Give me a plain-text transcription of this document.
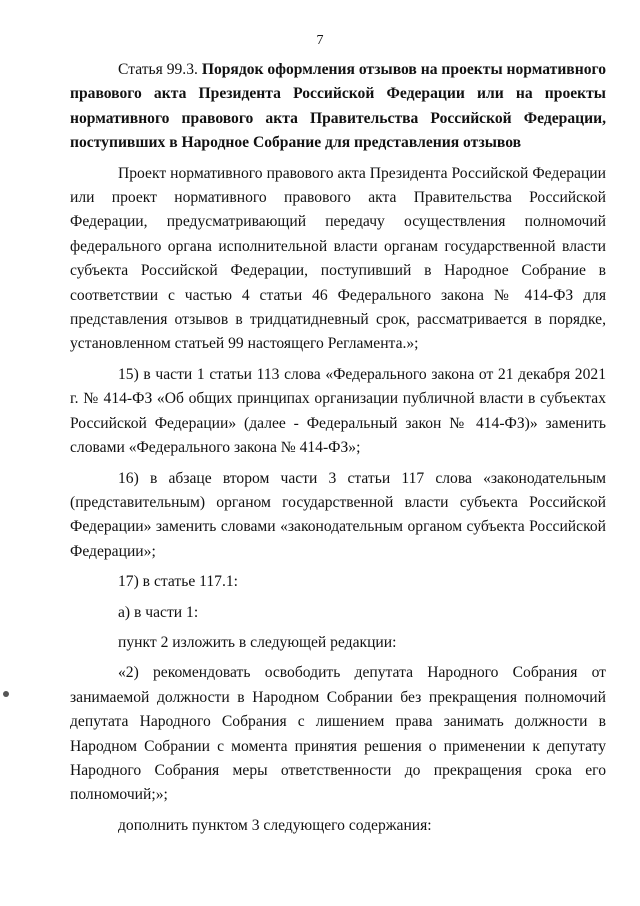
7

Статья 99.3. Порядок оформления отзывов на проекты нормативного правового акта Президента Российской Федерации или на проекты нормативного правового акта Правительства Российской Федерации, поступивших в Народное Собрание для представления отзывов

Проект нормативного правового акта Президента Российской Федерации или проект нормативного правового акта Правительства Российской Федерации, предусматривающий передачу осуществления полномочий федерального органа исполнительной власти органам государственной власти субъекта Российской Федерации, поступивший в Народное Собрание в соответствии с частью 4 статьи 46 Федерального закона № 414-ФЗ для представления отзывов в тридцатидневный срок, рассматривается в порядке, установленном статьей 99 настоящего Регламента.»;

15) в части 1 статьи 113 слова «Федерального закона от 21 декабря 2021 г. № 414-ФЗ «Об общих принципах организации публичной власти в субъектах Российской Федерации» (далее - Федеральный закон № 414-ФЗ)» заменить словами «Федерального закона № 414-ФЗ»;

16) в абзаце втором части 3 статьи 117 слова «законодательным (представительным) органом государственной власти субъекта Российской Федерации» заменить словами «законодательным органом субъекта Российской Федерации»;

17) в статье 117.1:

а) в части 1:

пункт 2 изложить в следующей редакции:

«2) рекомендовать освободить депутата Народного Собрания от занимаемой должности в Народном Собрании без прекращения полномочий депутата Народного Собрания с лишением права занимать должности в Народном Собрании с момента принятия решения о применении к депутату Народного Собрания меры ответственности до прекращения срока его полномочий;»;

дополнить пунктом 3 следующего содержания:
